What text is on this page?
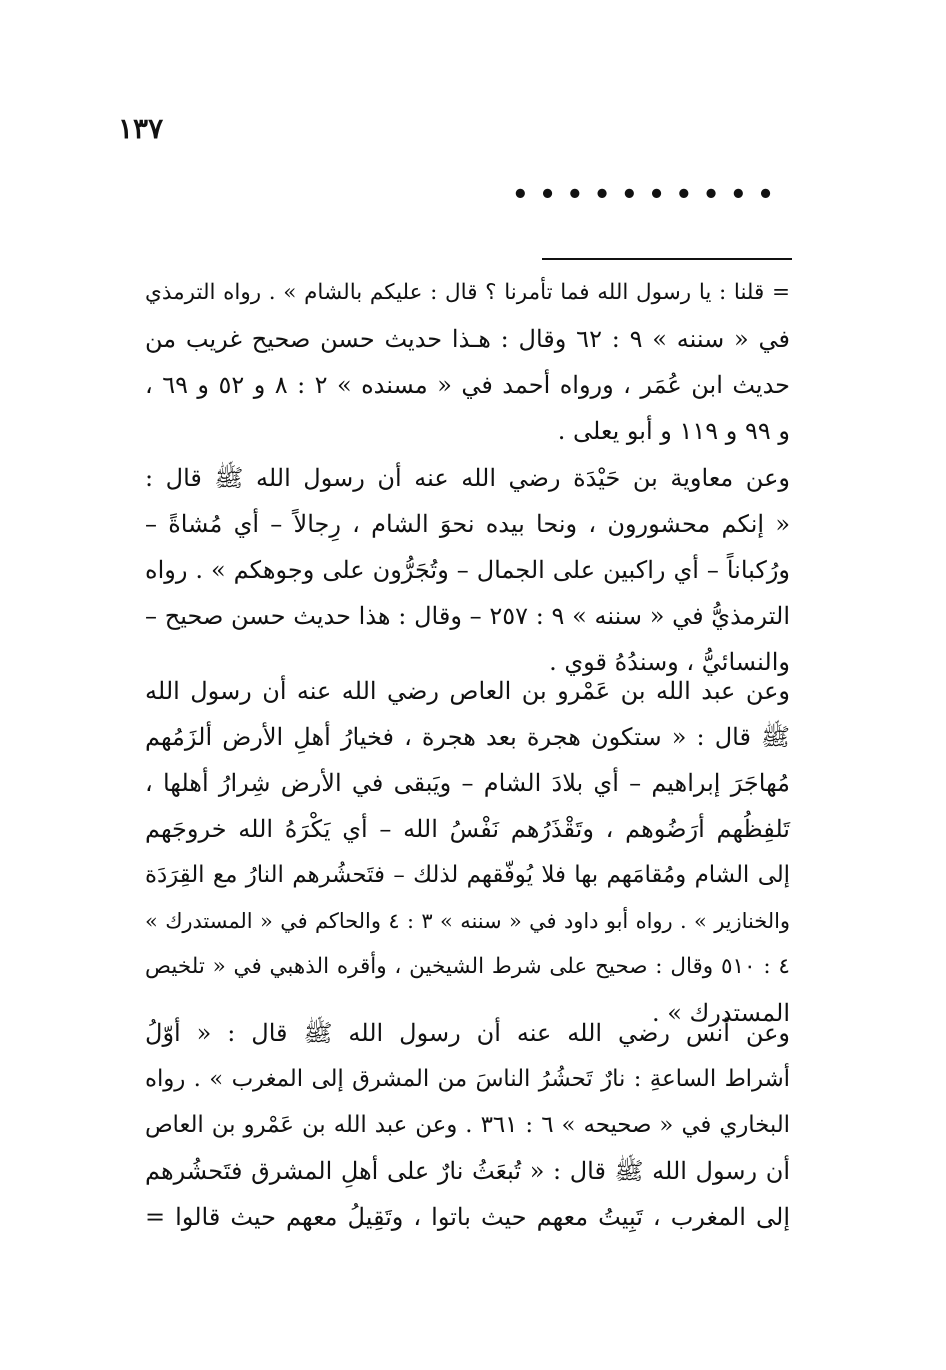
١٣٧
• • • • • • • • • •
= قلنا : يا رسول الله فما تأمرنا ؟ قال : عليكم بالشام » . رواه الترمذي
في « سننه » ٩ : ٦٢ وقال : هـذا حديث حسن صحيح غريب من
حديث ابن عُمَر ، ورواه أحمد في « مسنده » ٢ : ٨ و ٥٢ و ٦٩ ،
و ٩٩ و ١١٩ و أبو يعلى .
وعن معاوية بن حَيْدَة رضي الله عنه أن رسول الله ﷺ قال :
« إنكم محشورون ، ونحا بيده نحوَ الشام ، رِجالاً – أي مُشاةً –
ورُكباناً – أي راكبين على الجمال – وتُجَرُّون على وجوهكم » . رواه
الترمذيُّ في « سننه » ٩ : ٢٥٧ – وقال : هذا حديث حسن صحيح –
والنسائيُّ ، وسندُهُ قوي .
وعن عبد الله بن عَمْرو بن العاص رضي الله عنه أن رسول الله
ﷺ قال : « ستكون هجرة بعد هجرة ، فخيارُ أهلِ الأرض ألزَمُهم
مُهاجَرَ إبراهيم – أي بلادَ الشام – ويَبقى في الأرض شِرارُ أهلها ،
تَلفِظُهم أرَضُوهم ، وتَقْذَرُهم نَفْسُ الله – أي يَكْرَهُ الله خروجَهم
إلى الشام ومُقامَهم بها فلا يُوفّقهم لذلك – فتَحشُرهم النارُ مع القِرَدَة
والخنازير » . رواه أبو داود في « سننه » ٣ : ٤ والحاكم في « المستدرك »
٤ : ٥١٠ وقال : صحيح على شرط الشيخين ، وأقره الذهبي في « تلخيص
المستدرك » .
وعن أنس رضي الله عنه أن رسول الله ﷺ قال : « أوّلُ
أشراط الساعةِ : نارٌ تَحشُرُ الناسَ من المشرق إلى المغرب » . رواه
البخاري في « صحيحه » ٦ : ٣٦١ . وعن عبد الله بن عَمْرو بن العاص
أن رسول الله ﷺ قال : « تُبعَثُ نارٌ على أهلِ المشرق فتَحشُرهم
إلى المغرب ، تَبِيتُ معهم حيث باتوا ، وتَقِيلُ معهم حيث قالوا =
